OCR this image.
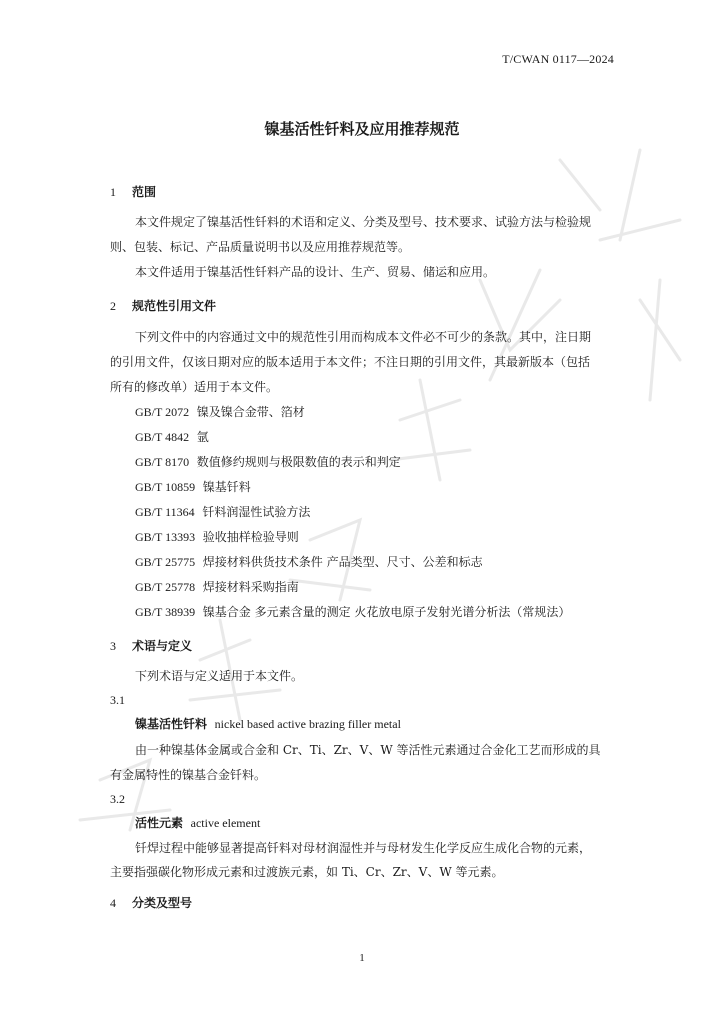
T/CWAN 0117—2024
镍基活性钎料及应用推荐规范
1 范围
本文件规定了镍基活性钎料的术语和定义、分类及型号、技术要求、试验方法与检验规
则、包装、标记、产品质量说明书以及应用推荐规范等。
本文件适用于镍基活性钎料产品的设计、生产、贸易、储运和应用。
2 规范性引用文件
下列文件中的内容通过文中的规范性引用而构成本文件必不可少的条款。其中，注日期
的引用文件，仅该日期对应的版本适用于本文件；不注日期的引用文件，其最新版本（包括
所有的修改单）适用于本文件。
GB/T 2072 镍及镍合金带、箔材
GB/T 4842 氩
GB/T 8170 数值修约规则与极限数值的表示和判定
GB/T 10859 镍基钎料
GB/T 11364 钎料润湿性试验方法
GB/T 13393 验收抽样检验导则
GB/T 25775 焊接材料供货技术条件 产品类型、尺寸、公差和标志
GB/T 25778 焊接材料采购指南
GB/T 38939 镍基合金 多元素含量的测定 火花放电原子发射光谱分析法（常规法）
3 术语与定义
下列术语与定义适用于本文件。
3.1
镍基活性钎料 nickel based active brazing filler metal
由一种镍基体金属或合金和 Cr、Ti、Zr、V、W 等活性元素通过合金化工艺而形成的具
有金属特性的镍基合金钎料。
3.2
活性元素 active element
钎焊过程中能够显著提高钎料对母材润湿性并与母材发生化学反应生成化合物的元素，
主要指强碳化物形成元素和过渡族元素，如 Ti、Cr、Zr、V、W 等元素。
4 分类及型号
1
